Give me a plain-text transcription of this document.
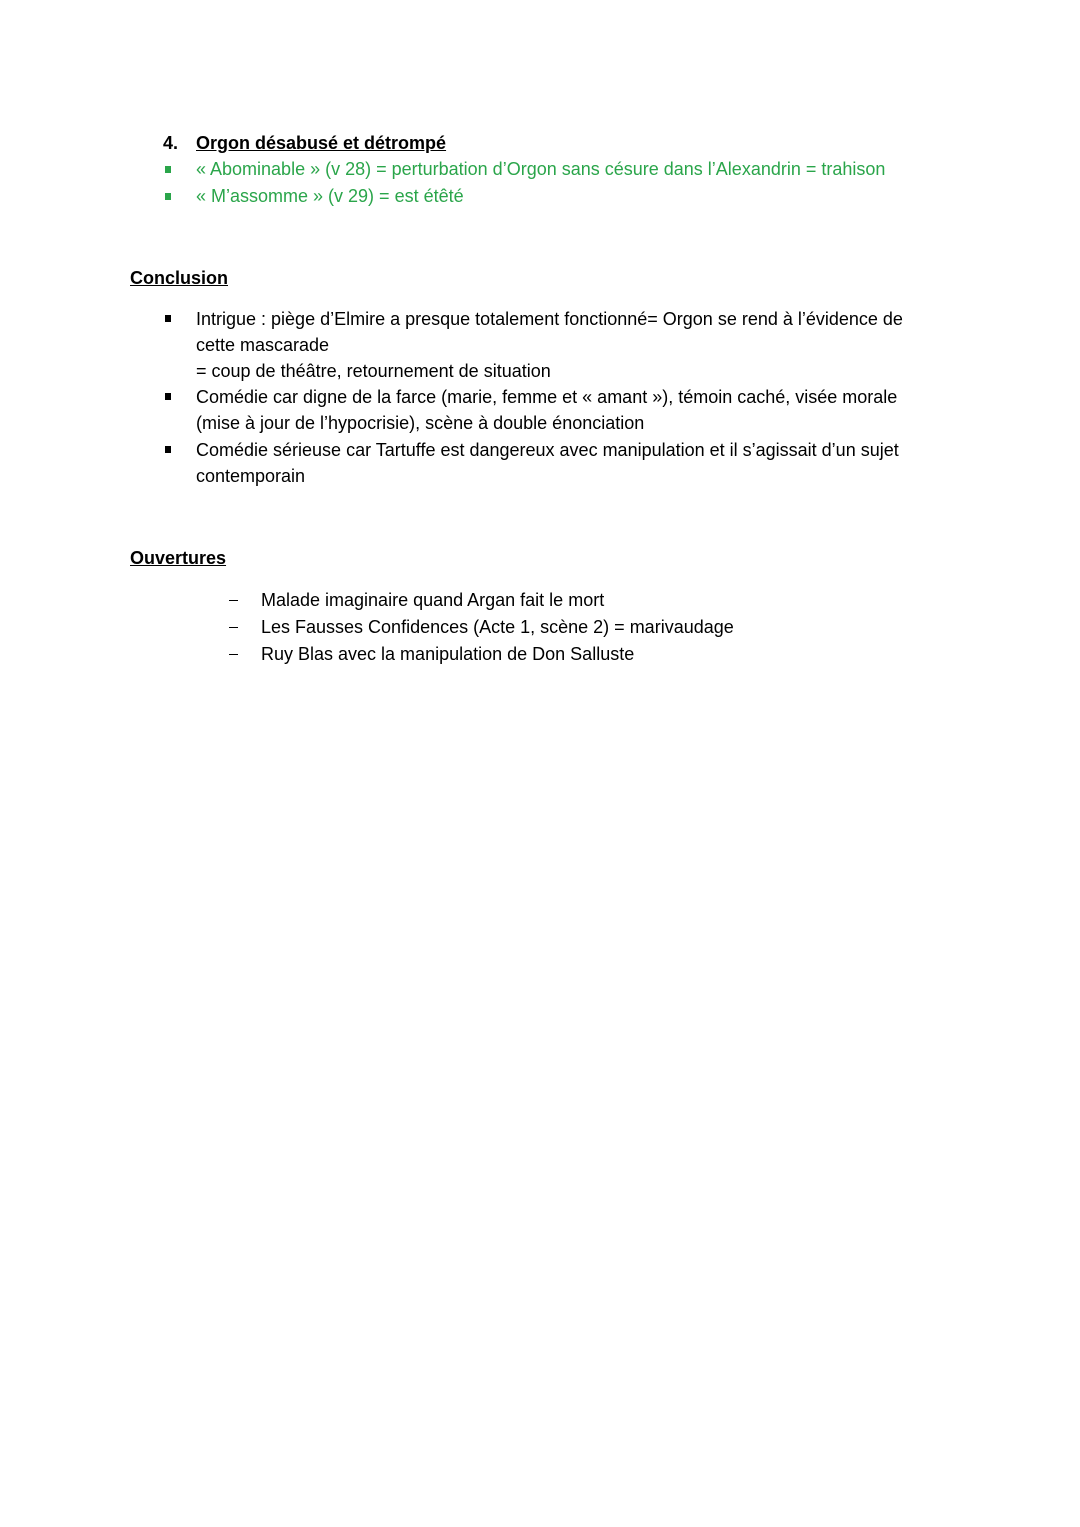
4. Orgon désabusé et détrompé
« Abominable » (v 28) = perturbation d’Orgon sans césure dans l’Alexandrin = trahison
« M’assomme » (v 29) = est étêté
Conclusion
Intrigue : piège d’Elmire a presque totalement fonctionné= Orgon se rend à l’évidence de
cette mascarade
= coup de théâtre, retournement de situation
Comédie car digne de la farce (marie, femme et « amant »), témoin caché, visée morale
(mise à jour de l’hypocrisie), scène à double énonciation
Comédie sérieuse car Tartuffe est dangereux avec manipulation et il s’agissait d’un sujet
contemporain
Ouvertures
Malade imaginaire quand Argan fait le mort
Les Fausses Confidences (Acte 1, scène 2) = marivaudage
Ruy Blas avec la manipulation de Don Salluste
